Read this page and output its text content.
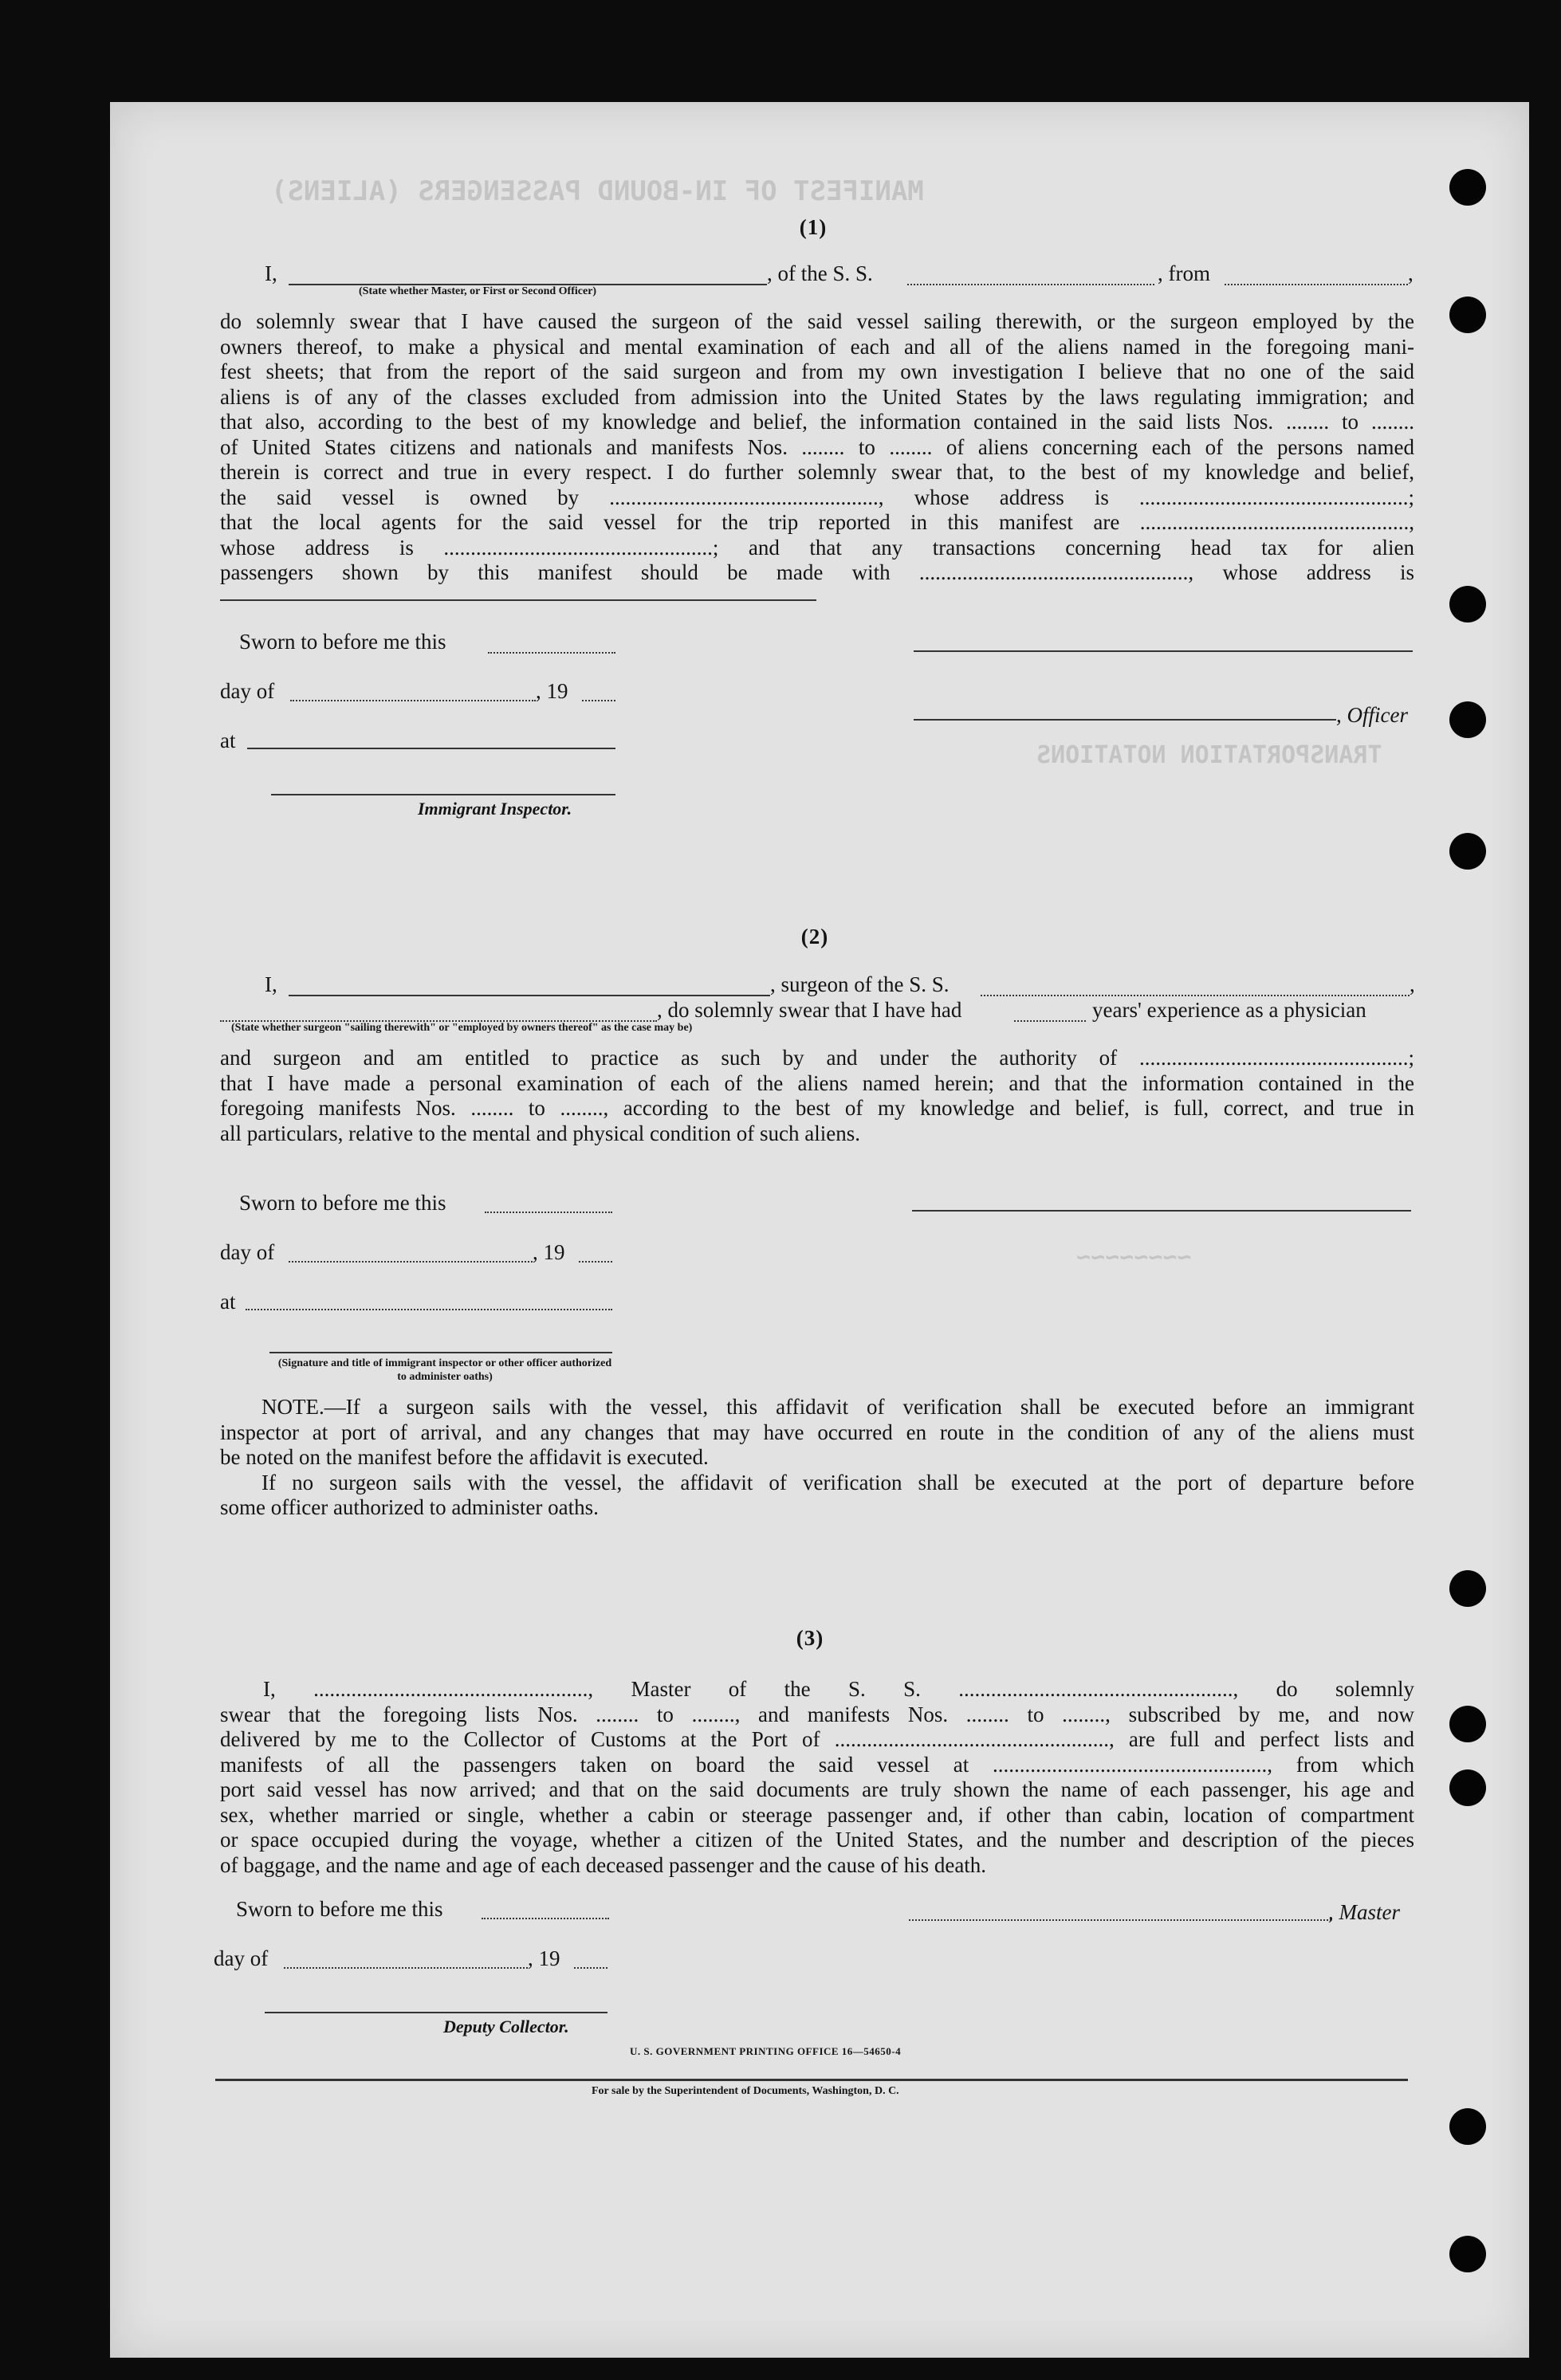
MANIFEST OF IN-BOUND PASSENGERS (ALIENS)
TRANSPORTATION NOTATIONS
~~~~~~~~
(1)
I,	, of the S. S.	, from	,
(State whether Master, or First or Second Officer)
do solemnly swear that I have caused the surgeon of the said vessel sailing therewith, or the surgeon employed by the
owners thereof, to make a physical and mental examination of each and all of the aliens named in the foregoing mani-
fest sheets; that from the report of the said surgeon and from my own investigation I believe that no one of the said
aliens is of any of the classes excluded from admission into the United States by the laws regulating immigration; and
that also, according to the best of my knowledge and belief, the information contained in the said lists Nos. ........ to ........
of United States citizens and nationals and manifests Nos. ........ to ........ of aliens concerning each of the persons named
therein is correct and true in every respect. I do further solemnly swear that, to the best of my knowledge and belief,
the said vessel is owned by .................................................., whose address is ..................................................;
that the local agents for the said vessel for the trip reported in this manifest are ..................................................,
whose address is ..................................................; and that any transactions concerning head tax for alien
passengers shown by this manifest should be made with .................................................., whose address is
Sworn to before me this
day of	, 19
, Officer
at
Immigrant Inspector.
(2)
I,	, surgeon of the S. S.	,
, do solemnly swear that I have had	years' experience as a physician
(State whether surgeon "sailing therewith" or "employed by owners thereof" as the case may be)
and surgeon and am entitled to practice as such by and under the authority of ..................................................;
that I have made a personal examination of each of the aliens named herein; and that the information contained in the
foregoing manifests Nos. ........ to ........, according to the best of my knowledge and belief, is full, correct, and true in
all particulars, relative to the mental and physical condition of such aliens.
Sworn to before me this
day of	, 19
at
(Signature and title of immigrant inspector or other officer authorized to administer oaths)
NOTE.—If a surgeon sails with the vessel, this affidavit of verification shall be executed before an immigrant
inspector at port of arrival, and any changes that may have occurred en route in the condition of any of the aliens must
be noted on the manifest before the affidavit is executed.
If no surgeon sails with the vessel, the affidavit of verification shall be executed at the port of departure before
some officer authorized to administer oaths.
(3)
I, ..................................................., Master of the S. S. ..................................................., do solemnly
swear that the foregoing lists Nos. ........ to ........, and manifests Nos. ........ to ........, subscribed by me, and now
delivered by me to the Collector of Customs at the Port of ..................................................., are full and perfect lists and
manifests of all the passengers taken on board the said vessel at ..................................................., from which
port said vessel has now arrived; and that on the said documents are truly shown the name of each passenger, his age and
sex, whether married or single, whether a cabin or steerage passenger and, if other than cabin, location of compartment
or space occupied during the voyage, whether a citizen of the United States, and the number and description of the pieces
of baggage, and the name and age of each deceased passenger and the cause of his death.
Sworn to before me this	, Master
day of	, 19
Deputy Collector.
U. S. GOVERNMENT PRINTING OFFICE 16—54650-4
For sale by the Superintendent of Documents, Washington, D. C.
